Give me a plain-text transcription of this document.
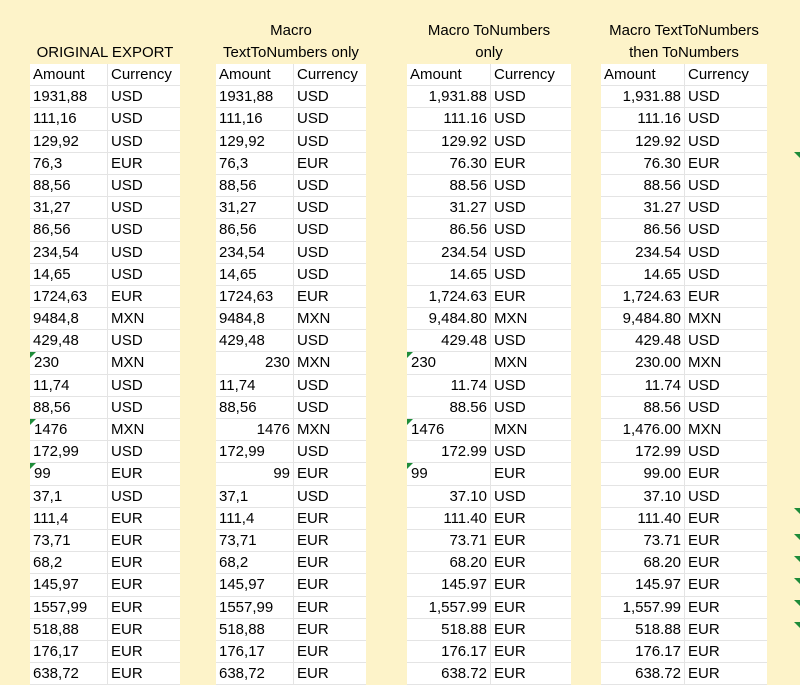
ORIGINAL EXPORT
Amount	Currency
1931,88	USD
111,16	USD
129,92	USD
76,3	EUR
88,56	USD
31,27	USD
86,56	USD
234,54	USD
14,65	USD
1724,63	EUR
9484,8	MXN
429,48	USD
230	MXN
11,74	USD
88,56	USD
1476	MXN
172,99	USD
99	EUR
37,1	USD
111,4	EUR
73,71	EUR
68,2	EUR
145,97	EUR
1557,99	EUR
518,88	EUR
176,17	EUR
638,72	EUR
Macro
TextToNumbers only
Amount	Currency
1931,88	USD
111,16	USD
129,92	USD
76,3	EUR
88,56	USD
31,27	USD
86,56	USD
234,54	USD
14,65	USD
1724,63	EUR
9484,8	MXN
429,48	USD
230 MXN
11,74	USD
88,56	USD
1476 MXN
172,99	USD
99 EUR
37,1	USD
111,4	EUR
73,71	EUR
68,2	EUR
145,97	EUR
1557,99	EUR
518,88	EUR
176,17	EUR
638,72	EUR
Macro ToNumbers
only
Amount	Currency
1,931.88 USD
111.16 USD
129.92 USD
76.30 EUR
88.56 USD
31.27 USD
86.56 USD
234.54 USD
14.65 USD
1,724.63 EUR
9,484.80 MXN
429.48 USD
230	MXN
11.74 USD
88.56 USD
1476	MXN
172.99 USD
99	EUR
37.10 USD
111.40 EUR
73.71 EUR
68.20 EUR
145.97 EUR
1,557.99 EUR
518.88 EUR
176.17 EUR
638.72 EUR
Macro TextToNumbers
then ToNumbers
Amount	Currency
1,931.88 USD
111.16 USD
129.92 USD
76.30 EUR
88.56 USD
31.27 USD
86.56 USD
234.54 USD
14.65 USD
1,724.63 EUR
9,484.80 MXN
429.48 USD
230.00 MXN
11.74 USD
88.56 USD
1,476.00 MXN
172.99 USD
99.00 EUR
37.10 USD
111.40 EUR
73.71 EUR
68.20 EUR
145.97 EUR
1,557.99 EUR
518.88 EUR
176.17 EUR
638.72 EUR
